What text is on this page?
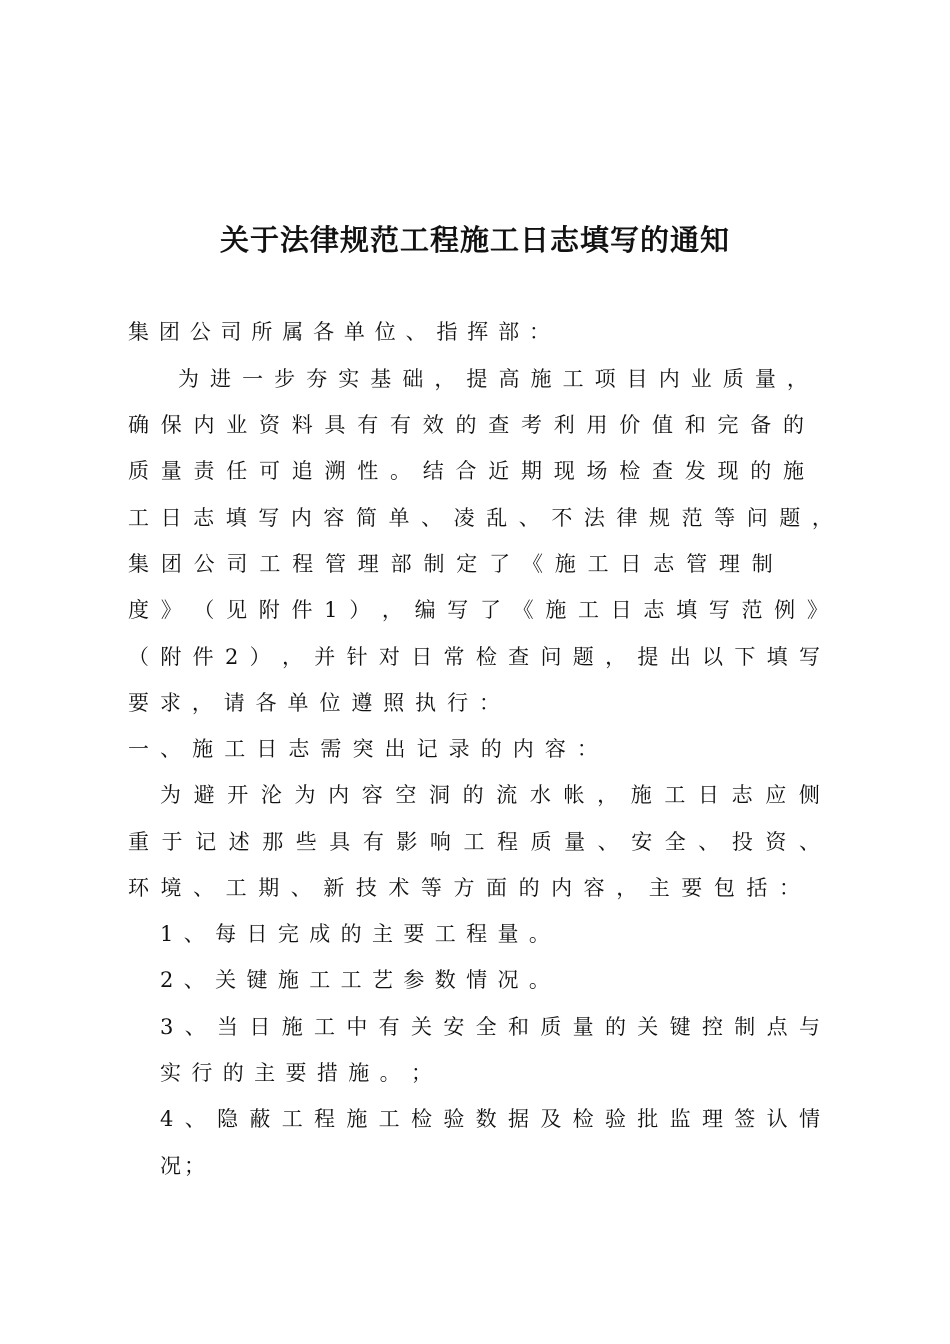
关于法律规范工程施工日志填写的通知
集 团 公 司 所 属 各 单 位 、 指 挥 部 ：
为 进 一 步 夯 实 基 础 ， 提 高 施 工 项 目 内 业 质 量 ，
确 保 内 业 资 料 具 有 有 效 的 查 考 利 用 价 值 和 完 备 的
质 量 责 任 可 追 溯 性 。 结 合 近 期 现 场 检 查 发 现 的 施
工 日 志 填 写 内 容 简 单 、 凌 乱 、 不 法 律 规 范 等 问 题 ，
集 团 公 司 工 程 管 理 部 制 定 了 《 施 工 日 志 管 理 制
度 》 （ 见 附 件 1 ） ， 编 写 了 《 施 工 日 志 填 写 范 例 》
（ 附 件 2 ） ， 并 针 对 日 常 检 查 问 题 ， 提 出 以 下 填 写
要 求 ， 请 各 单 位 遵 照 执 行 ：
一 、 施 工 日 志 需 突 出 记 录 的 内 容 ：
为 避 开 沦 为 内 容 空 洞 的 流 水 帐 ， 施 工 日 志 应 侧
重 于 记 述 那 些 具 有 影 响 工 程 质 量 、 安 全 、 投 资 、
环 境 、 工 期 、 新 技 术 等 方 面 的 内 容 ， 主 要 包 括 ：
1 、 每 日 完 成 的 主 要 工 程 量 。
2 、 关 键 施 工 工 艺 参 数 情 况 。
3 、 当 日 施 工 中 有 关 安 全 和 质 量 的 关 键 控 制 点 与
实 行 的 主 要 措 施 。 ；
4 、 隐 蔽 工 程 施 工 检 验 数 据 及 检 验 批 监 理 签 认 情
况 ；
